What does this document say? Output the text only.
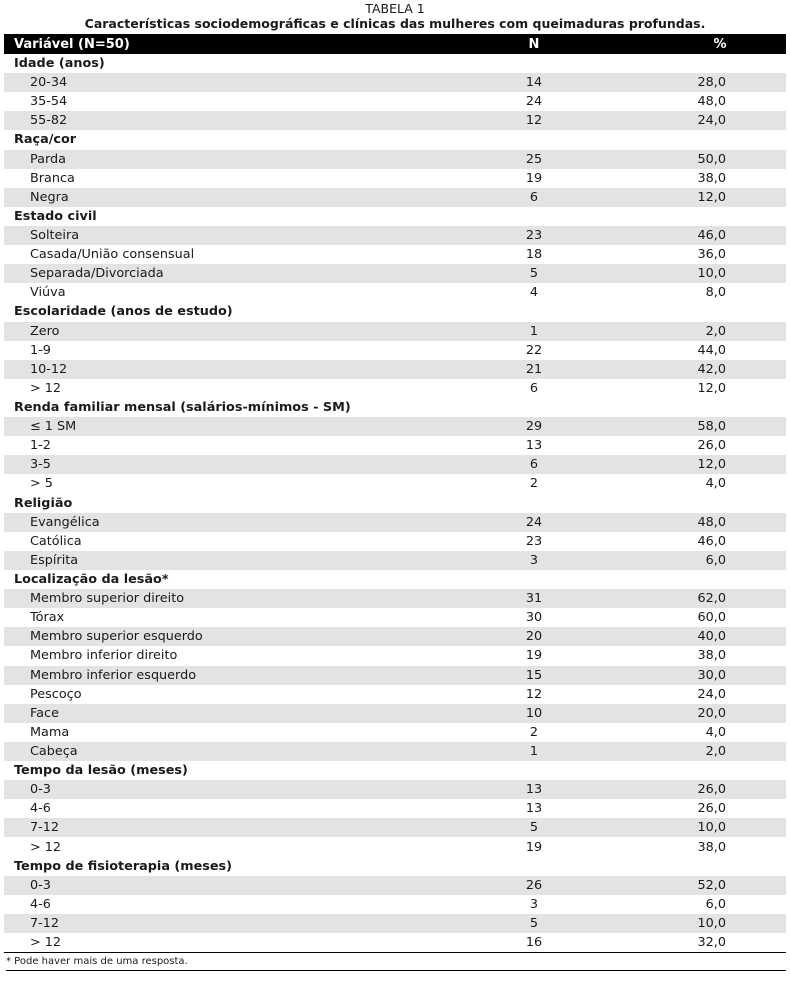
TABELA 1
Características sociodemográficas e clínicas das mulheres com queimaduras profundas.
Variável (N=50)	N	%
Idade (anos)
20-34	14	28,0
35-54	24	48,0
55-82	12	24,0
Raça/cor
Parda	25	50,0
Branca	19	38,0
Negra	6	12,0
Estado civil
Solteira	23	46,0
Casada/União consensual	18	36,0
Separada/Divorciada	5	10,0
Viúva	4	8,0
Escolaridade (anos de estudo)
Zero	1	2,0
1-9	22	44,0
10-12	21	42,0
> 12	6	12,0
Renda familiar mensal (salários-mínimos - SM)
≤ 1 SM	29	58,0
1-2	13	26,0
3-5	6	12,0
> 5	2	4,0
Religião
Evangélica	24	48,0
Católica	23	46,0
Espírita	3	6,0
Localização da lesão*
Membro superior direito	31	62,0
Tórax	30	60,0
Membro superior esquerdo	20	40,0
Membro inferior direito	19	38,0
Membro inferior esquerdo	15	30,0
Pescoço	12	24,0
Face	10	20,0
Mama	2	4,0
Cabeça	1	2,0
Tempo da lesão (meses)
0-3	13	26,0
4-6	13	26,0
7-12	5	10,0
> 12	19	38,0
Tempo de fisioterapia (meses)
0-3	26	52,0
4-6	3	6,0
7-12	5	10,0
> 12	16	32,0
* Pode haver mais de uma resposta.
